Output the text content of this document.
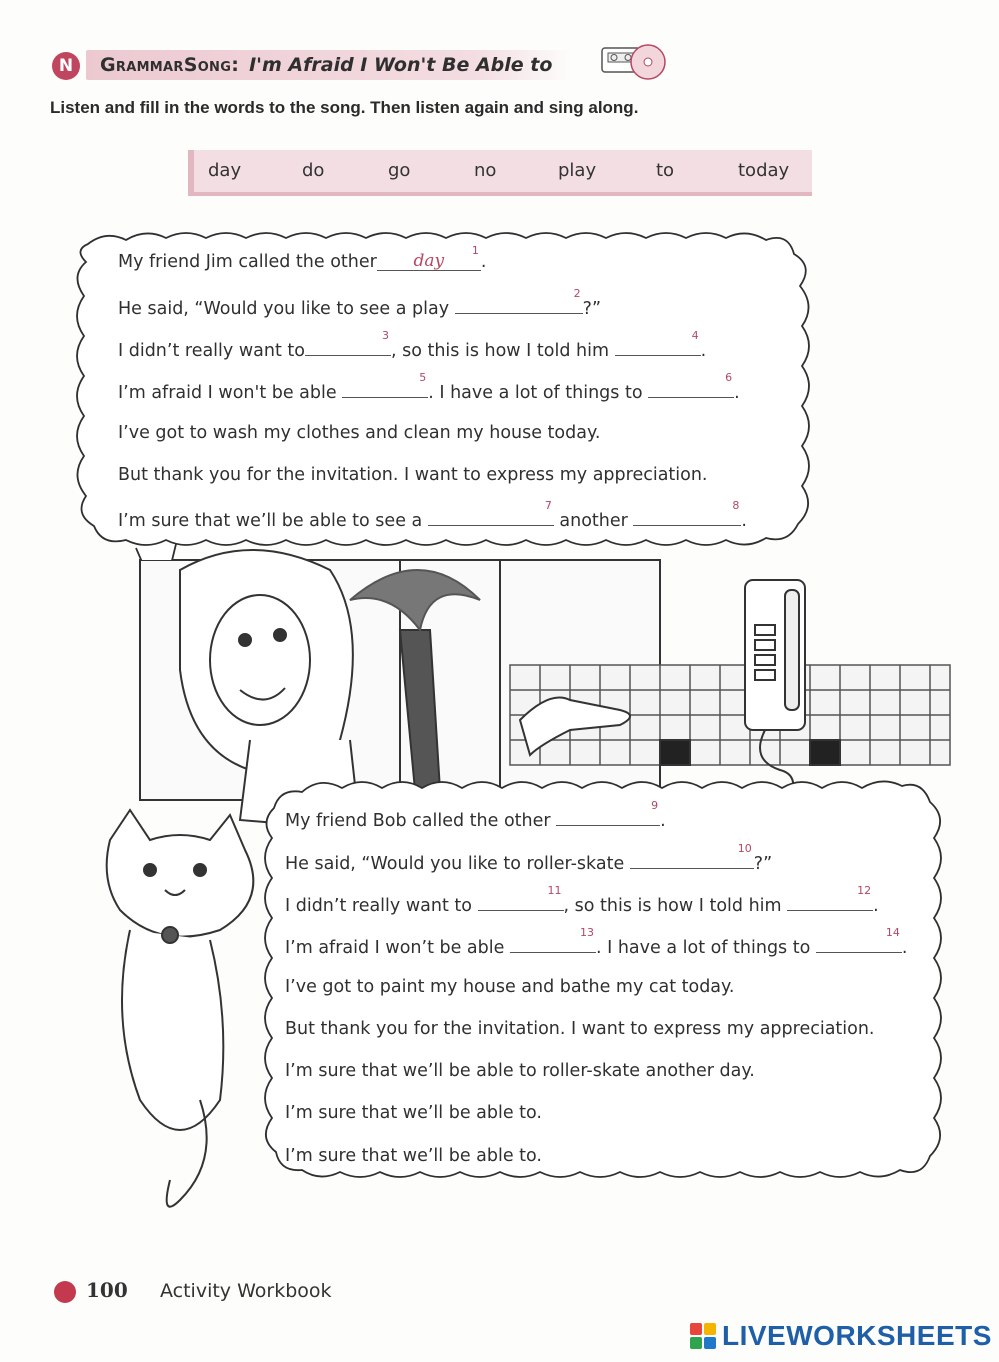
N	GrammarSong: I'm Afraid I Won't Be Able to
Listen and fill in the words to the song. Then listen again and sing along.
day	do	go	no	play	to	today
My friend Jim called the other day
1
.
He said, “Would you like to see a play
2
?”
I didn’t really want to
3
, so this is how I told him
4
.
I’m afraid I won't be able
5
. I have a lot of things to
6
.
I’ve got to wash my clothes and clean my house today.
But thank you for the invitation. I want to express my appreciation.
I’m sure that we’ll be able to see a
7
another
8
.
My friend Bob called the other
9
.
He said, “Would you like to roller-skate
10
?”
I didn’t really want to
11
, so this is how I told him
12
.
I’m afraid I won’t be able
13
. I have a lot of things to
14
.
I’ve got to paint my house and bathe my cat today.
But thank you for the invitation. I want to express my appreciation.
I’m sure that we’ll be able to roller-skate another day.
I’m sure that we’ll be able to.
I’m sure that we’ll be able to.
100 Activity Workbook
LIVEWORKSHEETS
